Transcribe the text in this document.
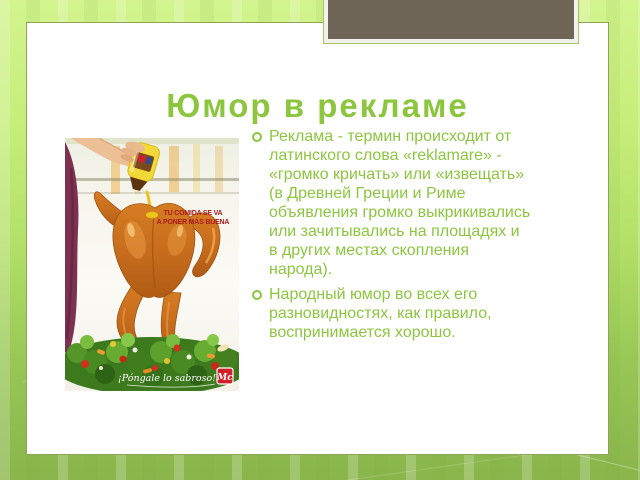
Юмор в рекламе
TU COMIDA SE VA
A PONER MÁS BUENA
¡Póngale lo sabroso! Mc
Реклама - термин происходит от латинского слова «reklamare» - «громко кричать» или «извещать» (в Древней Греции и Риме объявления громко выкрикивались или зачитывались на площадях и в других местах скопления народа).
Народный юмор во всех его разновидностях, как правило, воспринимается хорошо.
